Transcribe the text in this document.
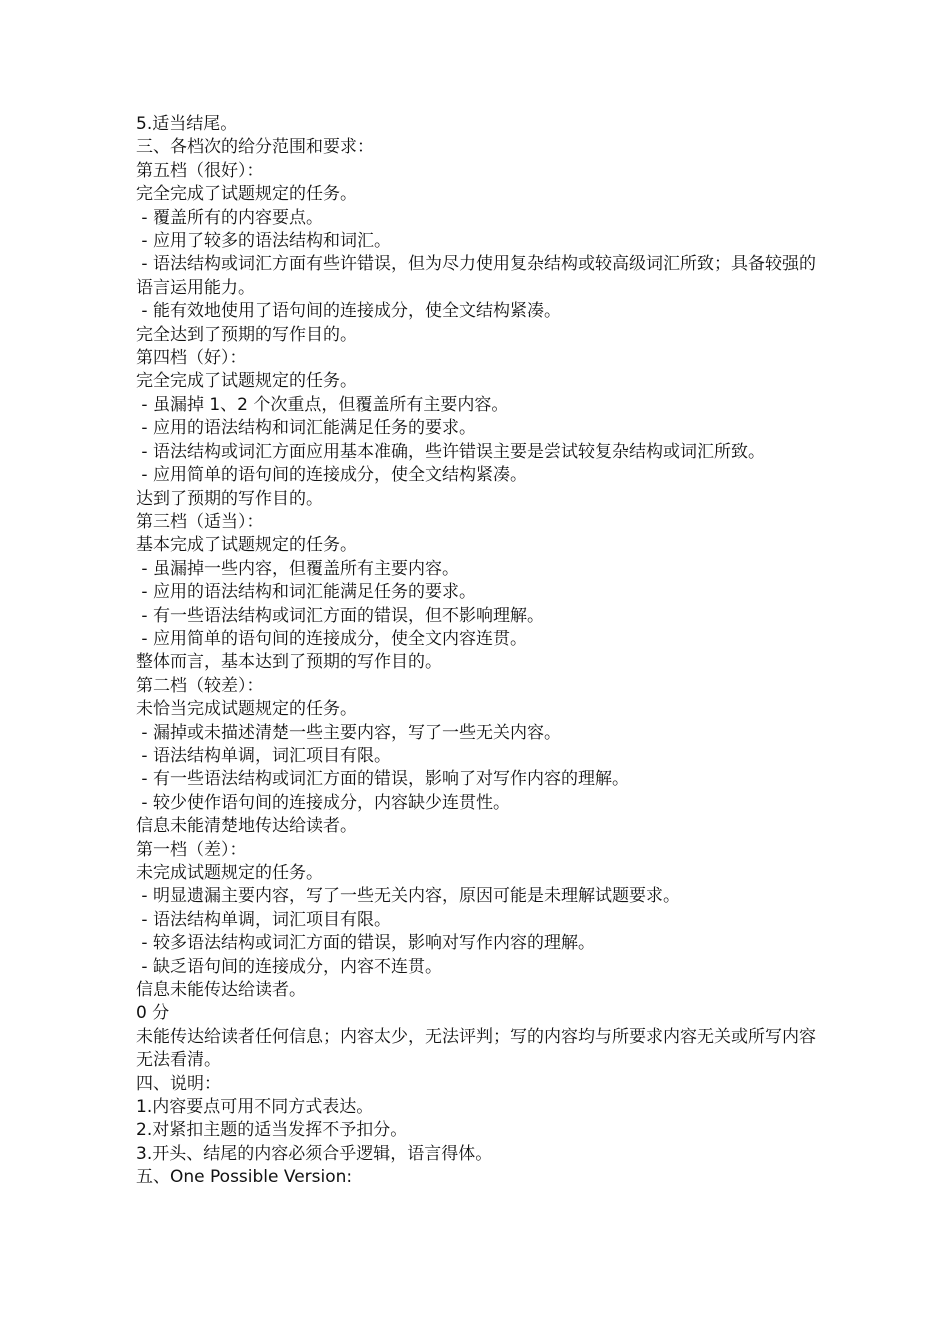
5.适当结尾。

三、各档次的给分范围和要求：

第五档（很好）：

完全完成了试题规定的任务。

- 覆盖所有的内容要点。

- 应用了较多的语法结构和词汇。

- 语法结构或词汇方面有些许错误，但为尽力使用复杂结构或较高级词汇所致；具备较强的语言运用能力。

- 能有效地使用了语句间的连接成分，使全文结构紧凑。

完全达到了预期的写作目的。

第四档（好）：

完全完成了试题规定的任务。

- 虽漏掉 1、2 个次重点，但覆盖所有主要内容。

- 应用的语法结构和词汇能满足任务的要求。

- 语法结构或词汇方面应用基本准确，些许错误主要是尝试较复杂结构或词汇所致。

- 应用简单的语句间的连接成分，使全文结构紧凑。

达到了预期的写作目的。

第三档（适当）：

基本完成了试题规定的任务。

- 虽漏掉一些内容，但覆盖所有主要内容。

- 应用的语法结构和词汇能满足任务的要求。

- 有一些语法结构或词汇方面的错误，但不影响理解。

- 应用简单的语句间的连接成分，使全文内容连贯。

整体而言，基本达到了预期的写作目的。

第二档（较差）：

未恰当完成试题规定的任务。

- 漏掉或未描述清楚一些主要内容，写了一些无关内容。

- 语法结构单调，词汇项目有限。

- 有一些语法结构或词汇方面的错误，影响了对写作内容的理解。

- 较少使作语句间的连接成分，内容缺少连贯性。

信息未能清楚地传达给读者。

第一档（差）：

未完成试题规定的任务。

- 明显遗漏主要内容，写了一些无关内容，原因可能是未理解试题要求。

- 语法结构单调，词汇项目有限。

- 较多语法结构或词汇方面的错误，影响对写作内容的理解。

- 缺乏语句间的连接成分，内容不连贯。

信息未能传达给读者。

0 分

未能传达给读者任何信息；内容太少，无法评判；写的内容均与所要求内容无关或所写内容无法看清。

四、说明：

1.内容要点可用不同方式表达。

2.对紧扣主题的适当发挥不予扣分。

3.开头、结尾的内容必须合乎逻辑，语言得体。

五、One Possible Version:
